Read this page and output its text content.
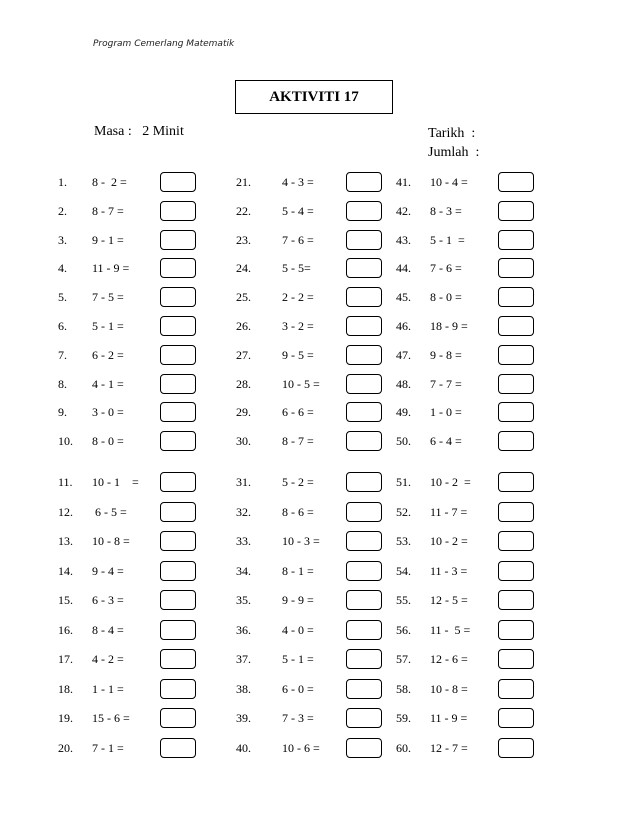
Program Cemerlang Matematik
AKTIVITI 17
Masa :   2 Minit	Tarikh  :
Jumlah  :
1. 8 -  2 =
2. 8 - 7 =
3. 9 - 1 =
4. 11 - 9 =
5. 7 - 5 =
6. 5 - 1 =
7. 6 - 2 =
8. 4 - 1 =
9. 3 - 0 =
10. 8 - 0 =
11. 10 - 1    =
12. 6 - 5 =
13. 10 - 8 =
14. 9 - 4 =
15. 6 - 3 =
16. 8 - 4 =
17. 4 - 2 =
18. 1 - 1 =
19. 15 - 6 =
20. 7 - 1 =
21.	4 - 3 =
22.	5 - 4 =
23.	7 - 6 =
24.	5 - 5=
25.	2 - 2 =
26.	3 - 2 =
27.	9 - 5 =
28.	10 - 5 =
29.	6 - 6 =
30.	8 - 7 =
31.	5 - 2 =
32.	8 - 6 =
33.	10 - 3 =
34.	8 - 1 =
35.	9 - 9 =
36.	4 - 0 =
37.	5 - 1 =
38.	6 - 0 =
39.	7 - 3 =
40.	10 - 6 =
41. 10 - 4 =
42. 8 - 3 =
43. 5 - 1  =
44. 7 - 6 =
45. 8 - 0 =
46. 18 - 9 =
47. 9 - 8 =
48. 7 - 7 =
49. 1 - 0 =
50. 6 - 4 =
51. 10 - 2  =
52. 11 - 7 =
53. 10 - 2 =
54. 11 - 3 =
55. 12 - 5 =
56. 11 -  5 =
57. 12 - 6 =
58. 10 - 8 =
59. 11 - 9 =
60. 12 - 7 =
